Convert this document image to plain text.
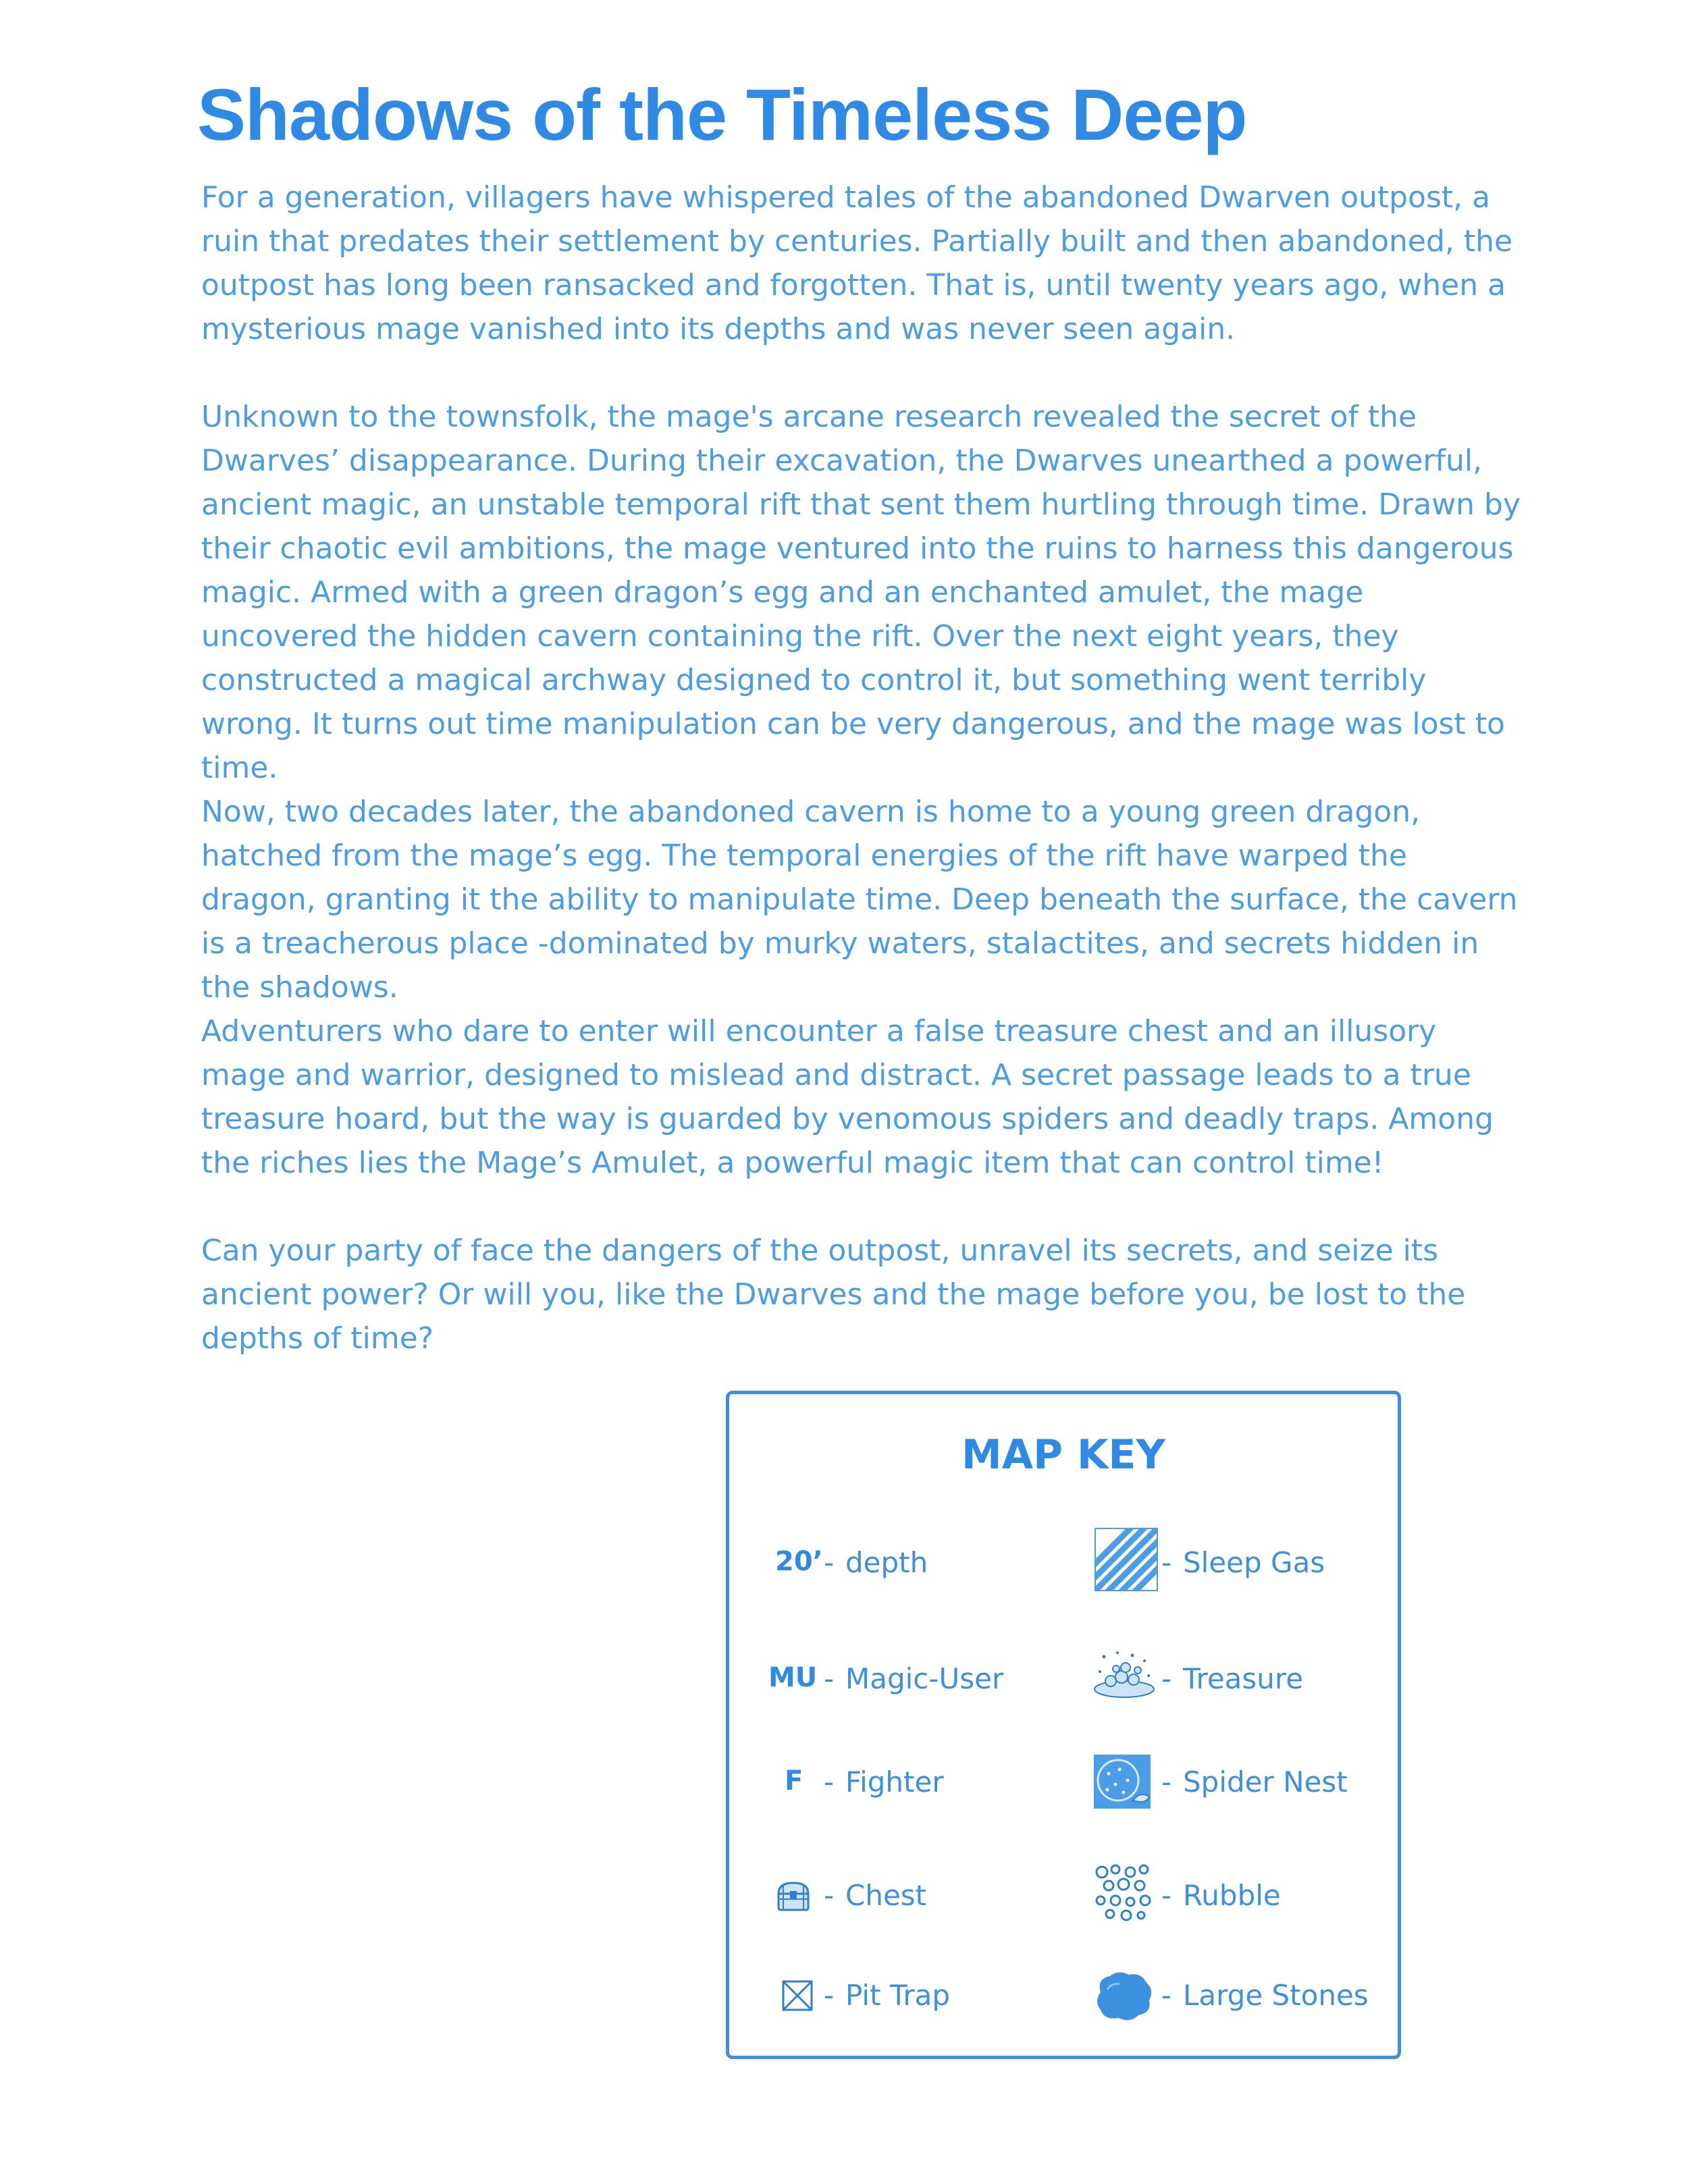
Shadows of the Timeless Deep

For a generation, villagers have whispered tales of the abandoned Dwarven outpost, a ruin that predates their settlement by centuries. Partially built and then abandoned, the outpost has long been ransacked and forgotten. That is, until twenty years ago, when a mysterious mage vanished into its depths and was never seen again.

Unknown to the townsfolk, the mage's arcane research revealed the secret of the Dwarves’ disappearance. During their excavation, the Dwarves unearthed a powerful, ancient magic, an unstable temporal rift that sent them hurtling through time. Drawn by their chaotic evil ambitions, the mage ventured into the ruins to harness this dangerous magic. Armed with a green dragon’s egg and an enchanted amulet, the mage uncovered the hidden cavern containing the rift. Over the next eight years, they constructed a magical archway designed to control it, but something went terribly wrong. It turns out time manipulation can be very dangerous, and the mage was lost to time.

Now, two decades later, the abandoned cavern is home to a young green dragon, hatched from the mage’s egg. The temporal energies of the rift have warped the dragon, granting it the ability to manipulate time. Deep beneath the surface, the cavern is a treacherous place -dominated by murky waters, stalactites, and secrets hidden in the shadows.

Adventurers who dare to enter will encounter a false treasure chest and an illusory mage and warrior, designed to mislead and distract. A secret passage leads to a true treasure hoard, but the way is guarded by venomous spiders and deadly traps. Among the riches lies the Mage’s Amulet, a powerful magic item that can control time!

Can your party of face the dangers of the outpost, unravel its secrets, and seize its ancient power? Or will you, like the Dwarves and the mage before you, be lost to the depths of time?

MAP KEY
20’ - depth
MU - Magic-User
F - Fighter
- Chest
- Pit Trap
- Sleep Gas
- Treasure
- Spider Nest
- Rubble
- Large Stones
